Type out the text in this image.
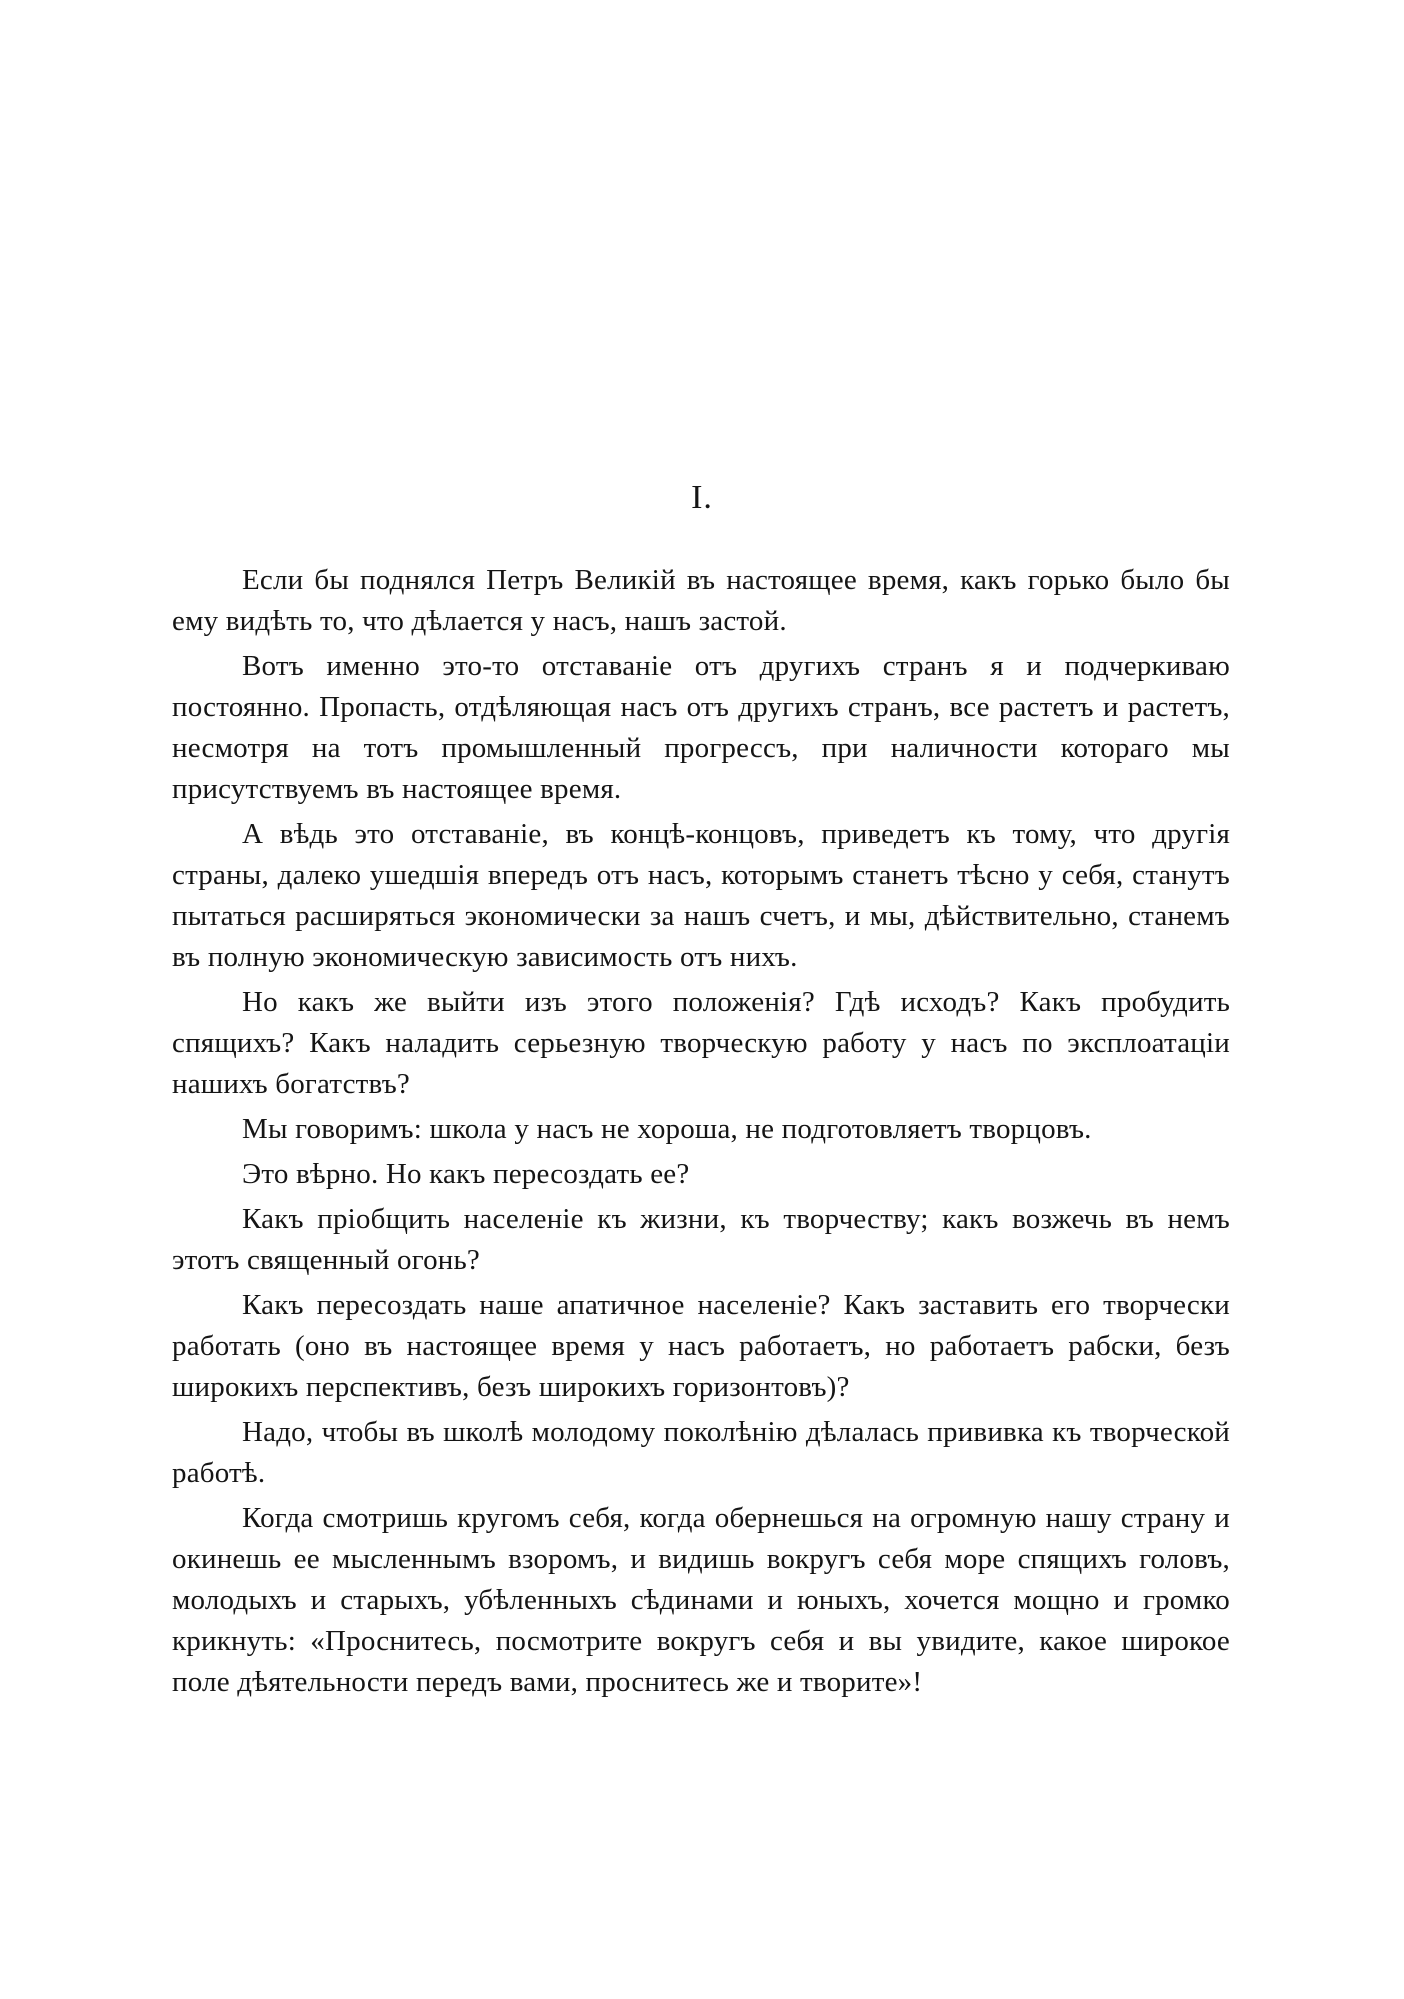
I.

Если бы поднялся Петръ Великій въ настоящее время, какъ горько было бы ему видѣть то, что дѣлается у насъ, нашъ застой.

Вотъ именно это-то отставаніе отъ другихъ странъ я и подчеркиваю постоянно. Пропасть, отдѣляющая насъ отъ другихъ странъ, все растетъ и растетъ, несмотря на тотъ промышленный прогрессъ, при наличности котораго мы присутствуемъ въ настоящее время.

А вѣдь это отставаніе, въ концѣ-концовъ, приведетъ къ тому, что другія страны, далеко ушедшія впередъ отъ насъ, которымъ станетъ тѣсно у себя, станутъ пытаться расширяться экономически за нашъ счетъ, и мы, дѣйствительно, станемъ въ полную экономическую зависимость отъ нихъ.

Но какъ же выйти изъ этого положенія? Гдѣ исходъ? Какъ пробудить спящихъ? Какъ наладить серьезную творческую работу у насъ по эксплоатаціи нашихъ богатствъ?

Мы говоримъ: школа у насъ не хороша, не подготовляетъ творцовъ.

Это вѣрно. Но какъ пересоздать ее?

Какъ пріобщить населеніе къ жизни, къ творчеству; какъ возжечь въ немъ этотъ священный огонь?

Какъ пересоздать наше апатичное населеніе? Какъ заставить его творчески работать (оно въ настоящее время у насъ работаетъ, но работаетъ рабски, безъ широкихъ перспективъ, безъ широкихъ горизонтовъ)?

Надо, чтобы въ школѣ молодому поколѣнію дѣлалась прививка къ творческой работѣ.

Когда смотришь кругомъ себя, когда обернешься на огромную нашу страну и окинешь ее мысленнымъ взоромъ, и видишь вокругъ себя море спящихъ головъ, молодыхъ и старыхъ, убѣленныхъ сѣдинами и юныхъ, хочется мощно и громко крикнуть: «Проснитесь, посмотрите вокругъ себя и вы увидите, какое широкое поле дѣятельности передъ вами, проснитесь же и творите»!
